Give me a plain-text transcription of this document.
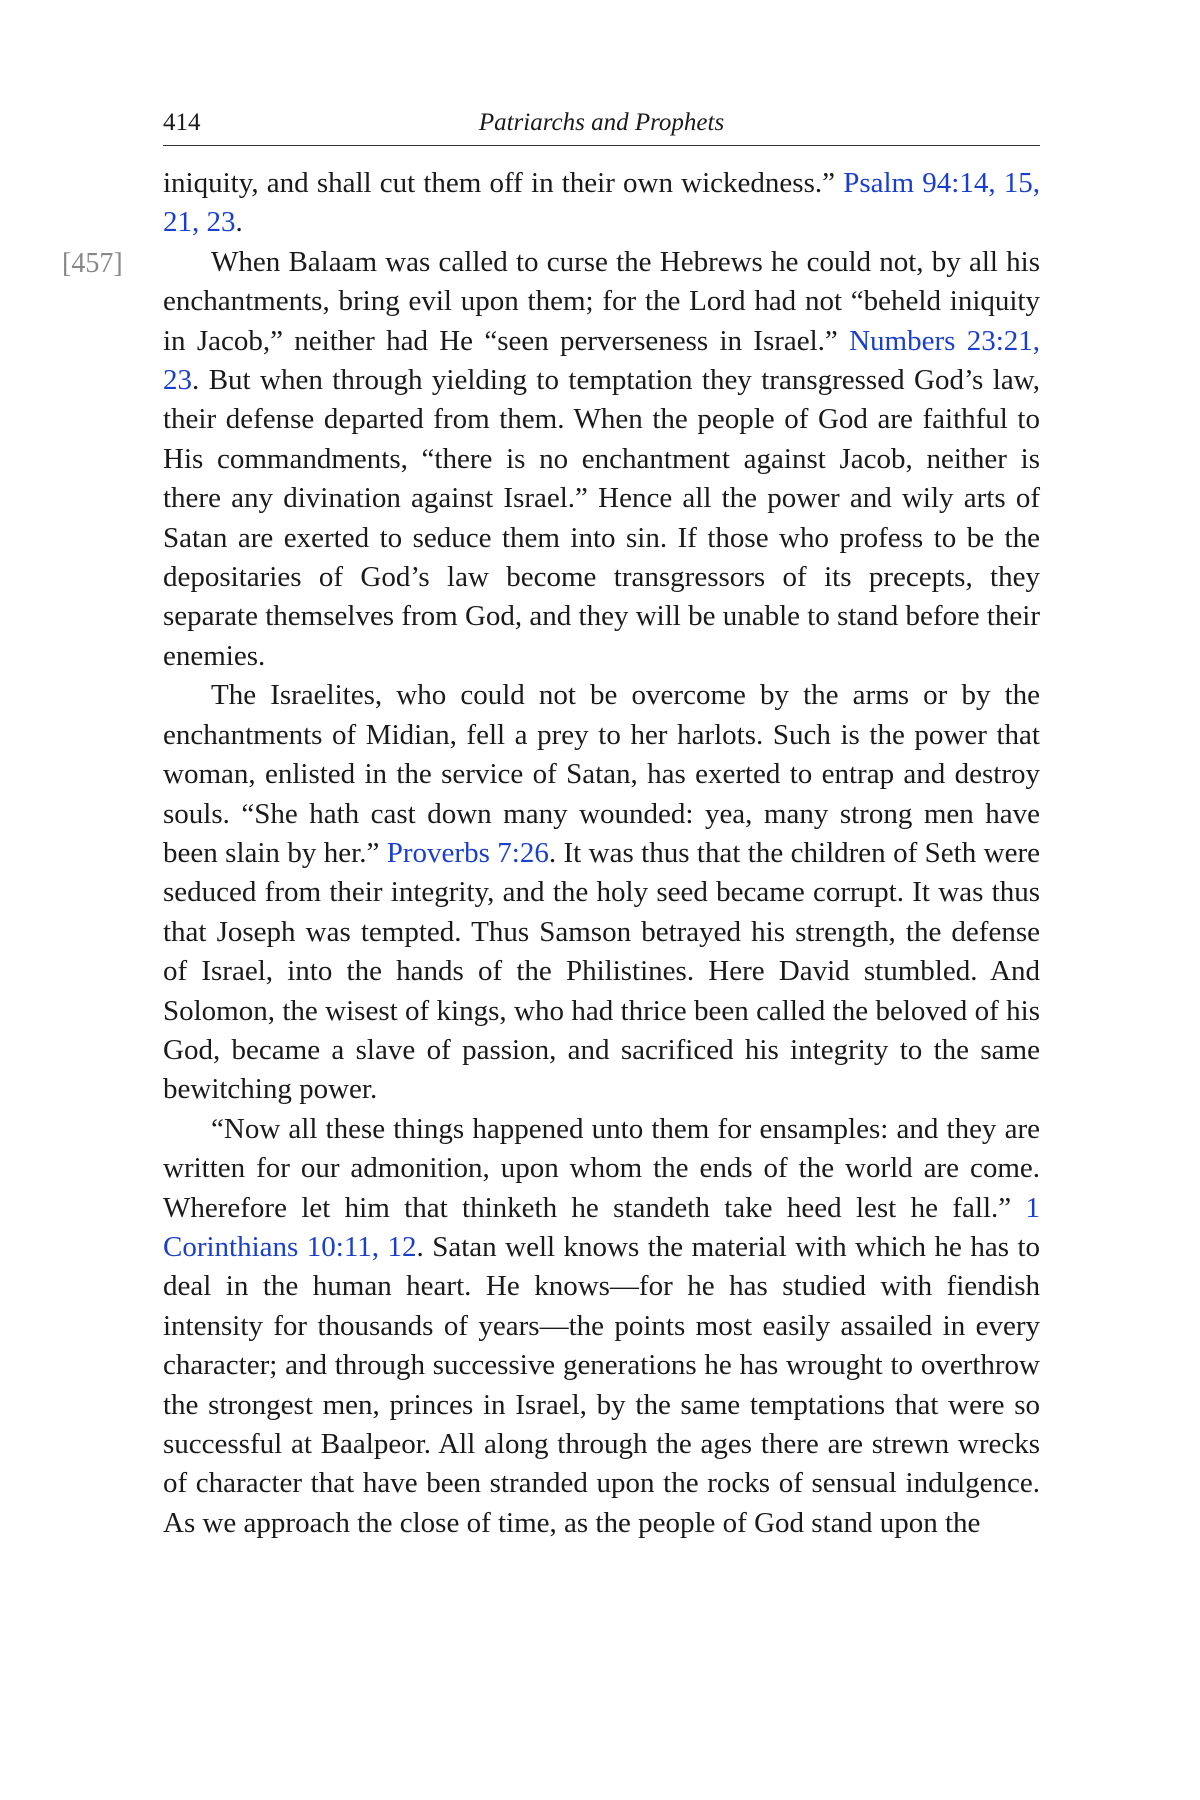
414	Patriarchs and Prophets
[457]

iniquity, and shall cut them off in their own wickedness.” Psalm 94:14, 15, 21, 23.

When Balaam was called to curse the Hebrews he could not, by all his enchantments, bring evil upon them; for the Lord had not “beheld iniquity in Jacob,” neither had He “seen perverseness in Israel.” Numbers 23:21, 23. But when through yielding to temptation they transgressed God’s law, their defense departed from them. When the people of God are faithful to His commandments, “there is no enchantment against Jacob, neither is there any divination against Israel.” Hence all the power and wily arts of Satan are exerted to seduce them into sin. If those who profess to be the depositaries of God’s law become transgressors of its precepts, they separate themselves from God, and they will be unable to stand before their enemies.

The Israelites, who could not be overcome by the arms or by the enchantments of Midian, fell a prey to her harlots. Such is the power that woman, enlisted in the service of Satan, has exerted to entrap and destroy souls. “She hath cast down many wounded: yea, many strong men have been slain by her.” Proverbs 7:26. It was thus that the children of Seth were seduced from their integrity, and the holy seed became corrupt. It was thus that Joseph was tempted. Thus Samson betrayed his strength, the defense of Israel, into the hands of the Philistines. Here David stumbled. And Solomon, the wisest of kings, who had thrice been called the beloved of his God, became a slave of passion, and sacrificed his integrity to the same bewitching power.

“Now all these things happened unto them for ensamples: and they are written for our admonition, upon whom the ends of the world are come. Wherefore let him that thinketh he standeth take heed lest he fall.” 1 Corinthians 10:11, 12. Satan well knows the material with which he has to deal in the human heart. He knows—for he has studied with fiendish intensity for thousands of years—the points most easily assailed in every character; and through successive generations he has wrought to overthrow the strongest men, princes in Israel, by the same temptations that were so successful at Baalpeor. All along through the ages there are strewn wrecks of character that have been stranded upon the rocks of sensual indulgence. As we approach the close of time, as the people of God stand upon the
